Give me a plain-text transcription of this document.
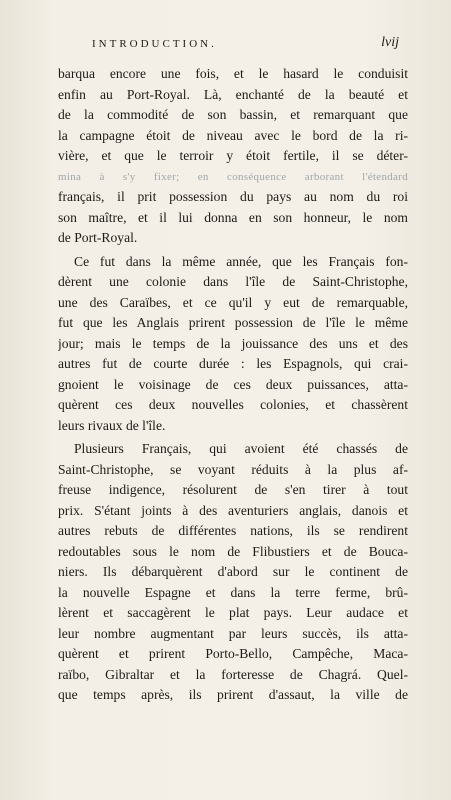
INTRODUCTION.	lvij
barqua encore une fois, et le hasard le conduisit
enfin au Port-Royal. Là, enchanté de la beauté et
de la commodité de son bassin, et remarquant que
la campagne étoit de niveau avec le bord de la ri-
vière, et que le terroir y étoit fertile, il se déter-
mina à s'y fixer; en conséquence arborant l'étendard
français, il prit possession du pays au nom du roi
son maître, et il lui donna en son honneur, le nom
de Port-Royal.
Ce fut dans la même année, que les Français fon-
dèrent une colonie dans l'île de Saint-Christophe,
une des Caraïbes, et ce qu'il y eut de remarquable,
fut que les Anglais prirent possession de l'île le même
jour; mais le temps de la jouissance des uns et des
autres fut de courte durée : les Espagnols, qui crai-
gnoient le voisinage de ces deux puissances, atta-
quèrent ces deux nouvelles colonies, et chassèrent
leurs rivaux de l'île.
Plusieurs Français, qui avoient été chassés de
Saint-Christophe, se voyant réduits à la plus af-
freuse indigence, résolurent de s'en tirer à tout
prix. S'étant joints à des aventuriers anglais, danois et
autres rebuts de différentes nations, ils se rendirent
redoutables sous le nom de Flibustiers et de Bouca-
niers. Ils débarquèrent d'abord sur le continent de
la nouvelle Espagne et dans la terre ferme, brû-
lèrent et saccagèrent le plat pays. Leur audace et
leur nombre augmentant par leurs succès, ils atta-
quèrent et prirent Porto-Bello, Campêche, Maca-
raïbo, Gibraltar et la forteresse de Chagrá. Quel-
que temps après, ils prirent d'assaut, la ville de
